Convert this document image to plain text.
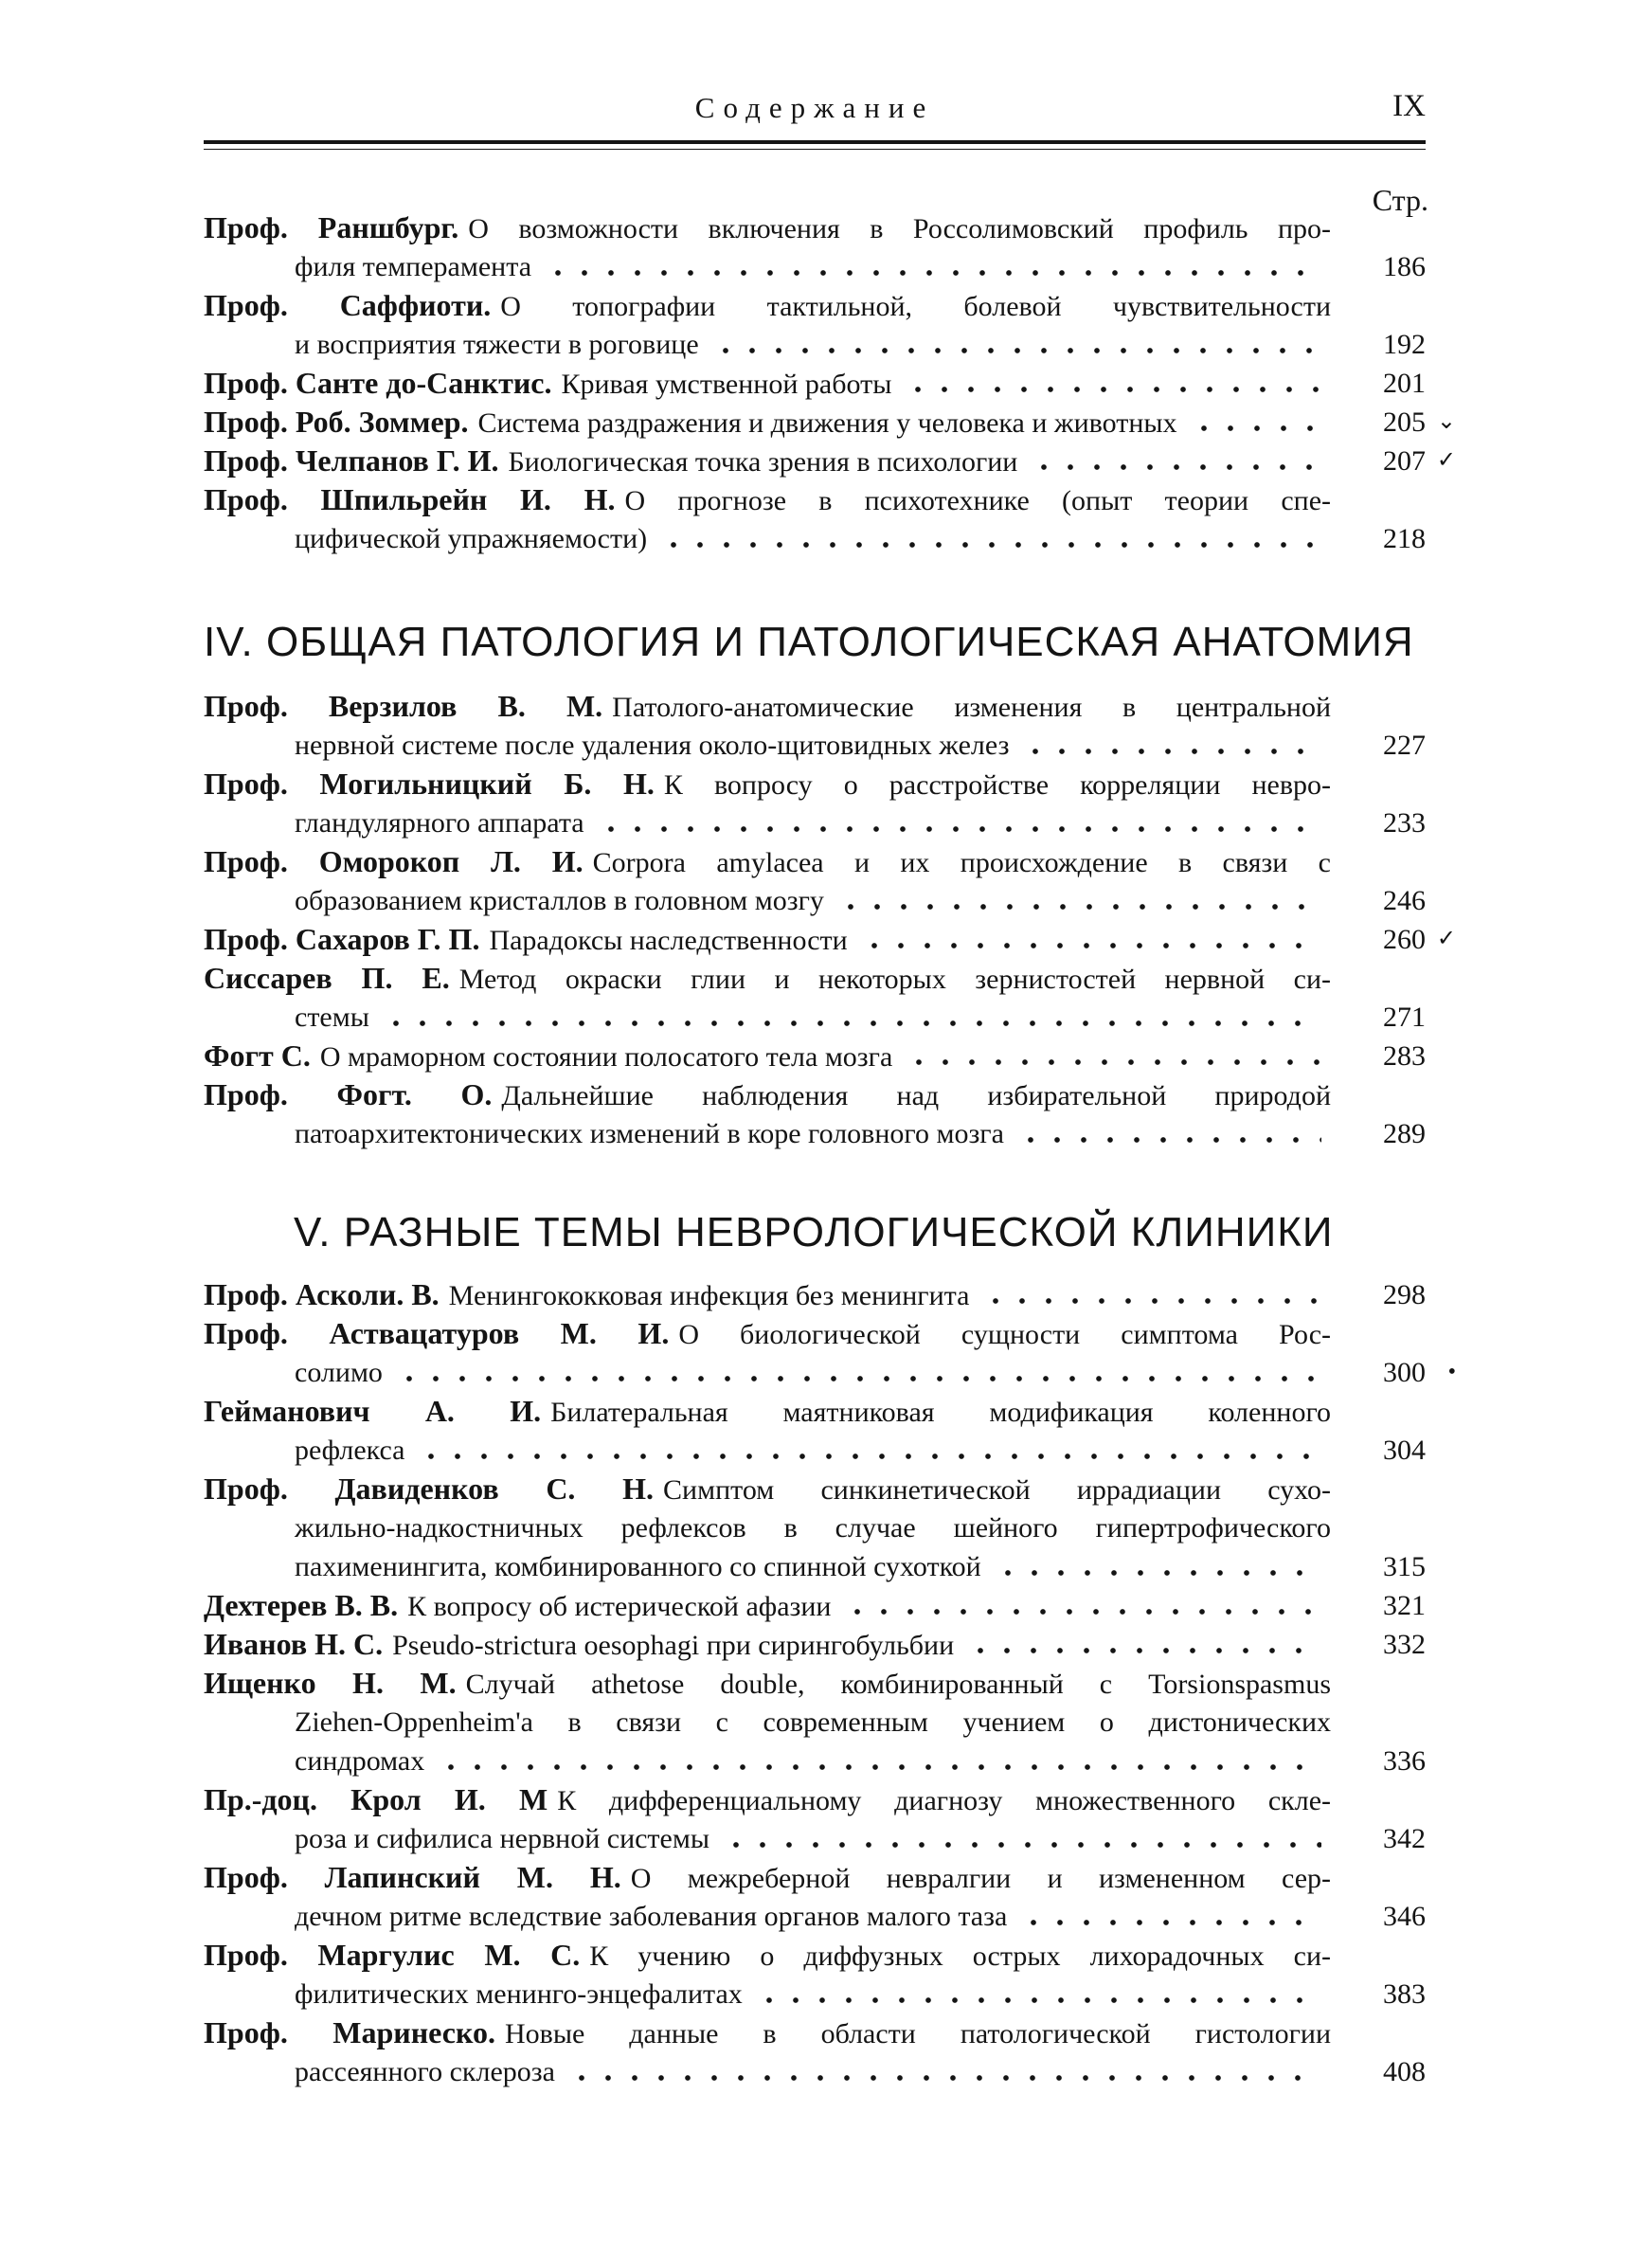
Содержание	IX
Стр.
Проф. Раншбург. О возможности включения в Россолимовский профиль про-
филя темперамента	186
Проф. Саффиоти. О топографии тактильной, болевой чувствительности
и восприятия тяжести в роговице	192
Проф. Санте до-Санктис. Кривая умственной работы	201
Проф. Роб. Зоммер. Система раздражения и движения у человека и животных	205 ⌄
Проф. Челпанов Г. И. Биологическая точка зрения в психологии	207 ✓
Проф. Шпильрейн И. Н. О прогнозе в психотехнике (опыт теории спе-
цифической упражняемости)	218
IV. ОБЩАЯ ПАТОЛОГИЯ И ПАТОЛОГИЧЕСКАЯ АНАТОМИЯ
Проф. Верзилов В. М. Патолого-анатомические изменения в центральной
нервной системе после удаления около-щитовидных желез	227
Проф. Могильницкий Б. Н. К вопросу о расстройстве корреляции невро-
гландулярного аппарата	233
Проф. Оморокоп Л. И. Corpora amylacea и их происхождение в связи с
образованием кристаллов в головном мозгу	246
Проф. Сахаров Г. П. Парадоксы наследственности	260 ✓
Сиссарев П. Е. Метод окраски глии и некоторых зернистостей нервной си-
стемы	271
Фогт С. О мраморном состоянии полосатого тела мозга	283
Проф. Фогт. О. Дальнейшие наблюдения над избирательной природой
патоархитектонических изменений в коре головного мозга	289
V. РАЗНЫЕ ТЕМЫ НЕВРОЛОГИЧЕСКОЙ КЛИНИКИ
Проф. Асколи. В. Менингококковая инфекция без менингита	298
Проф. Аствацатуров М. И. О биологической сущности симптома Рос-
солимо	300 •
Гейманович А. И. Билатеральная маятниковая модификация коленного
рефлекса	304
Проф. Давиденков С. Н. Симптом синкинетической иррадиации сухо-
жильно-надкостничных рефлексов в случае шейного гипертрофического
пахименингита, комбинированного со спинной сухоткой	315
Дехтерев В. В. К вопросу об истерической афазии	321
Иванов Н. С. Pseudo-strictura oesophagi при сирингобульбии	332
Ищенко Н. М. Случай athetose double, комбинированный с Torsionspasmus
Ziehen-Oppenheim'a в связи с современным учением о дистонических
синдромах	336
Пр.-доц. Крол И. М К дифференциальному диагнозу множественного скле-
роза и сифилиса нервной системы	342
Проф. Лапинский М. Н. О межреберной невралгии и измененном сер-
дечном ритме вследствие заболевания органов малого таза	346
Проф. Маргулис М. С. К учению о диффузных острых лихорадочных си-
филитических менинго-энцефалитах	383
Проф. Маринеско. Новые данные в области патологической гистологии
рассеянного склероза	408
